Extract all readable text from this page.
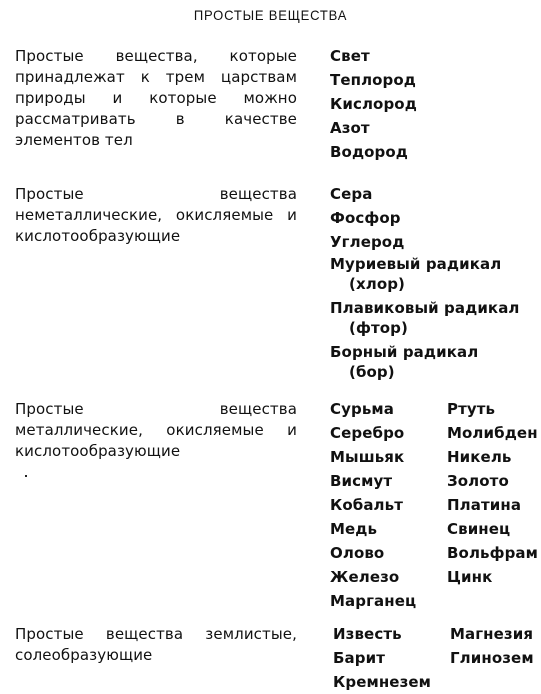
ПРОСТЫЕ ВЕЩЕСТВА
Простые вещества, которые принадлежат к трем царствам природы и которые можно рассматривать в качестве элементов тел
Свет
Теплород
Кислород
Азот
Водород
Простые вещества неметаллические, окисляемые и кислотообразующие
Сера
Фосфор
Углерод
Муриевый радикал
(хлор)
Плавиковый радикал
(фтор)
Борный радикал
(бор)
Простые вещества металлические, окисляемые и кислотообразующие
Сурьма
Серебро
Мышьяк
Висмут
Кобальт
Медь
Олово
Железо
Марганец
Ртуть
Молибден
Никель
Золото
Платина
Свинец
Вольфрам
Цинк
Простые вещества землистые, солеобразующие
Известь
Барит
Кремнезем
Магнезия
Глинозем
